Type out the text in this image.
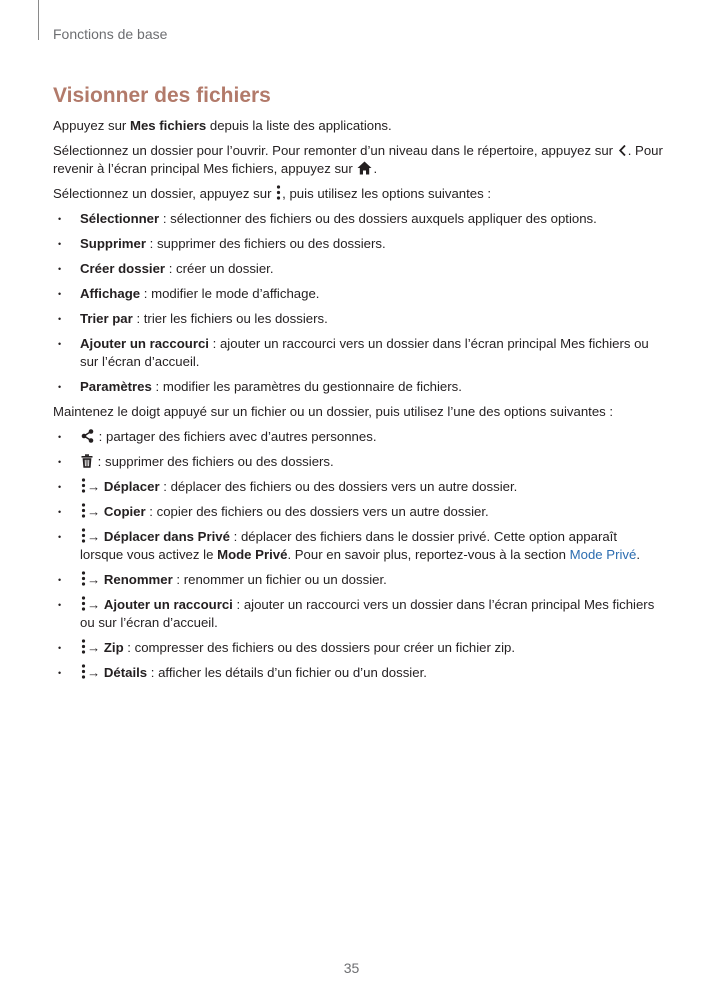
Fonctions de base
Visionner des fichiers

Appuyez sur Mes fichiers depuis la liste des applications.

Sélectionnez un dossier pour l’ouvrir. Pour remonter d’un niveau dans le répertoire, appuyez sur
. Pour revenir à l’écran principal Mes fichiers, appuyez sur
.

Sélectionnez un dossier, appuyez sur
, puis utilisez les options suivantes :

• Sélectionner : sélectionner des fichiers ou des dossiers auxquels appliquer des options.
• Supprimer : supprimer des fichiers ou des dossiers.
• Créer dossier : créer un dossier.
• Affichage : modifier le mode d’affichage.
• Trier par : trier les fichiers ou les dossiers.
• Ajouter un raccourci : ajouter un raccourci vers un dossier dans l’écran principal Mes fichiers ou sur l’écran d’accueil.
• Paramètres : modifier les paramètres du gestionnaire de fichiers.

Maintenez le doigt appuyé sur un fichier ou un dossier, puis utilisez l’une des options suivantes :

• : partager des fichiers avec d’autres personnes.
• : supprimer des fichiers ou des dossiers.
• → Déplacer : déplacer des fichiers ou des dossiers vers un autre dossier.
• → Copier : copier des fichiers ou des dossiers vers un autre dossier.
• → Déplacer dans Privé : déplacer des fichiers dans le dossier privé. Cette option apparaît lorsque vous activez le Mode Privé. Pour en savoir plus, reportez-vous à la section Mode Privé.
• → Renommer : renommer un fichier ou un dossier.
• → Ajouter un raccourci : ajouter un raccourci vers un dossier dans l’écran principal Mes fichiers ou sur l’écran d’accueil.
• → Zip : compresser des fichiers ou des dossiers pour créer un fichier zip.
• → Détails : afficher les détails d’un fichier ou d’un dossier.
35
